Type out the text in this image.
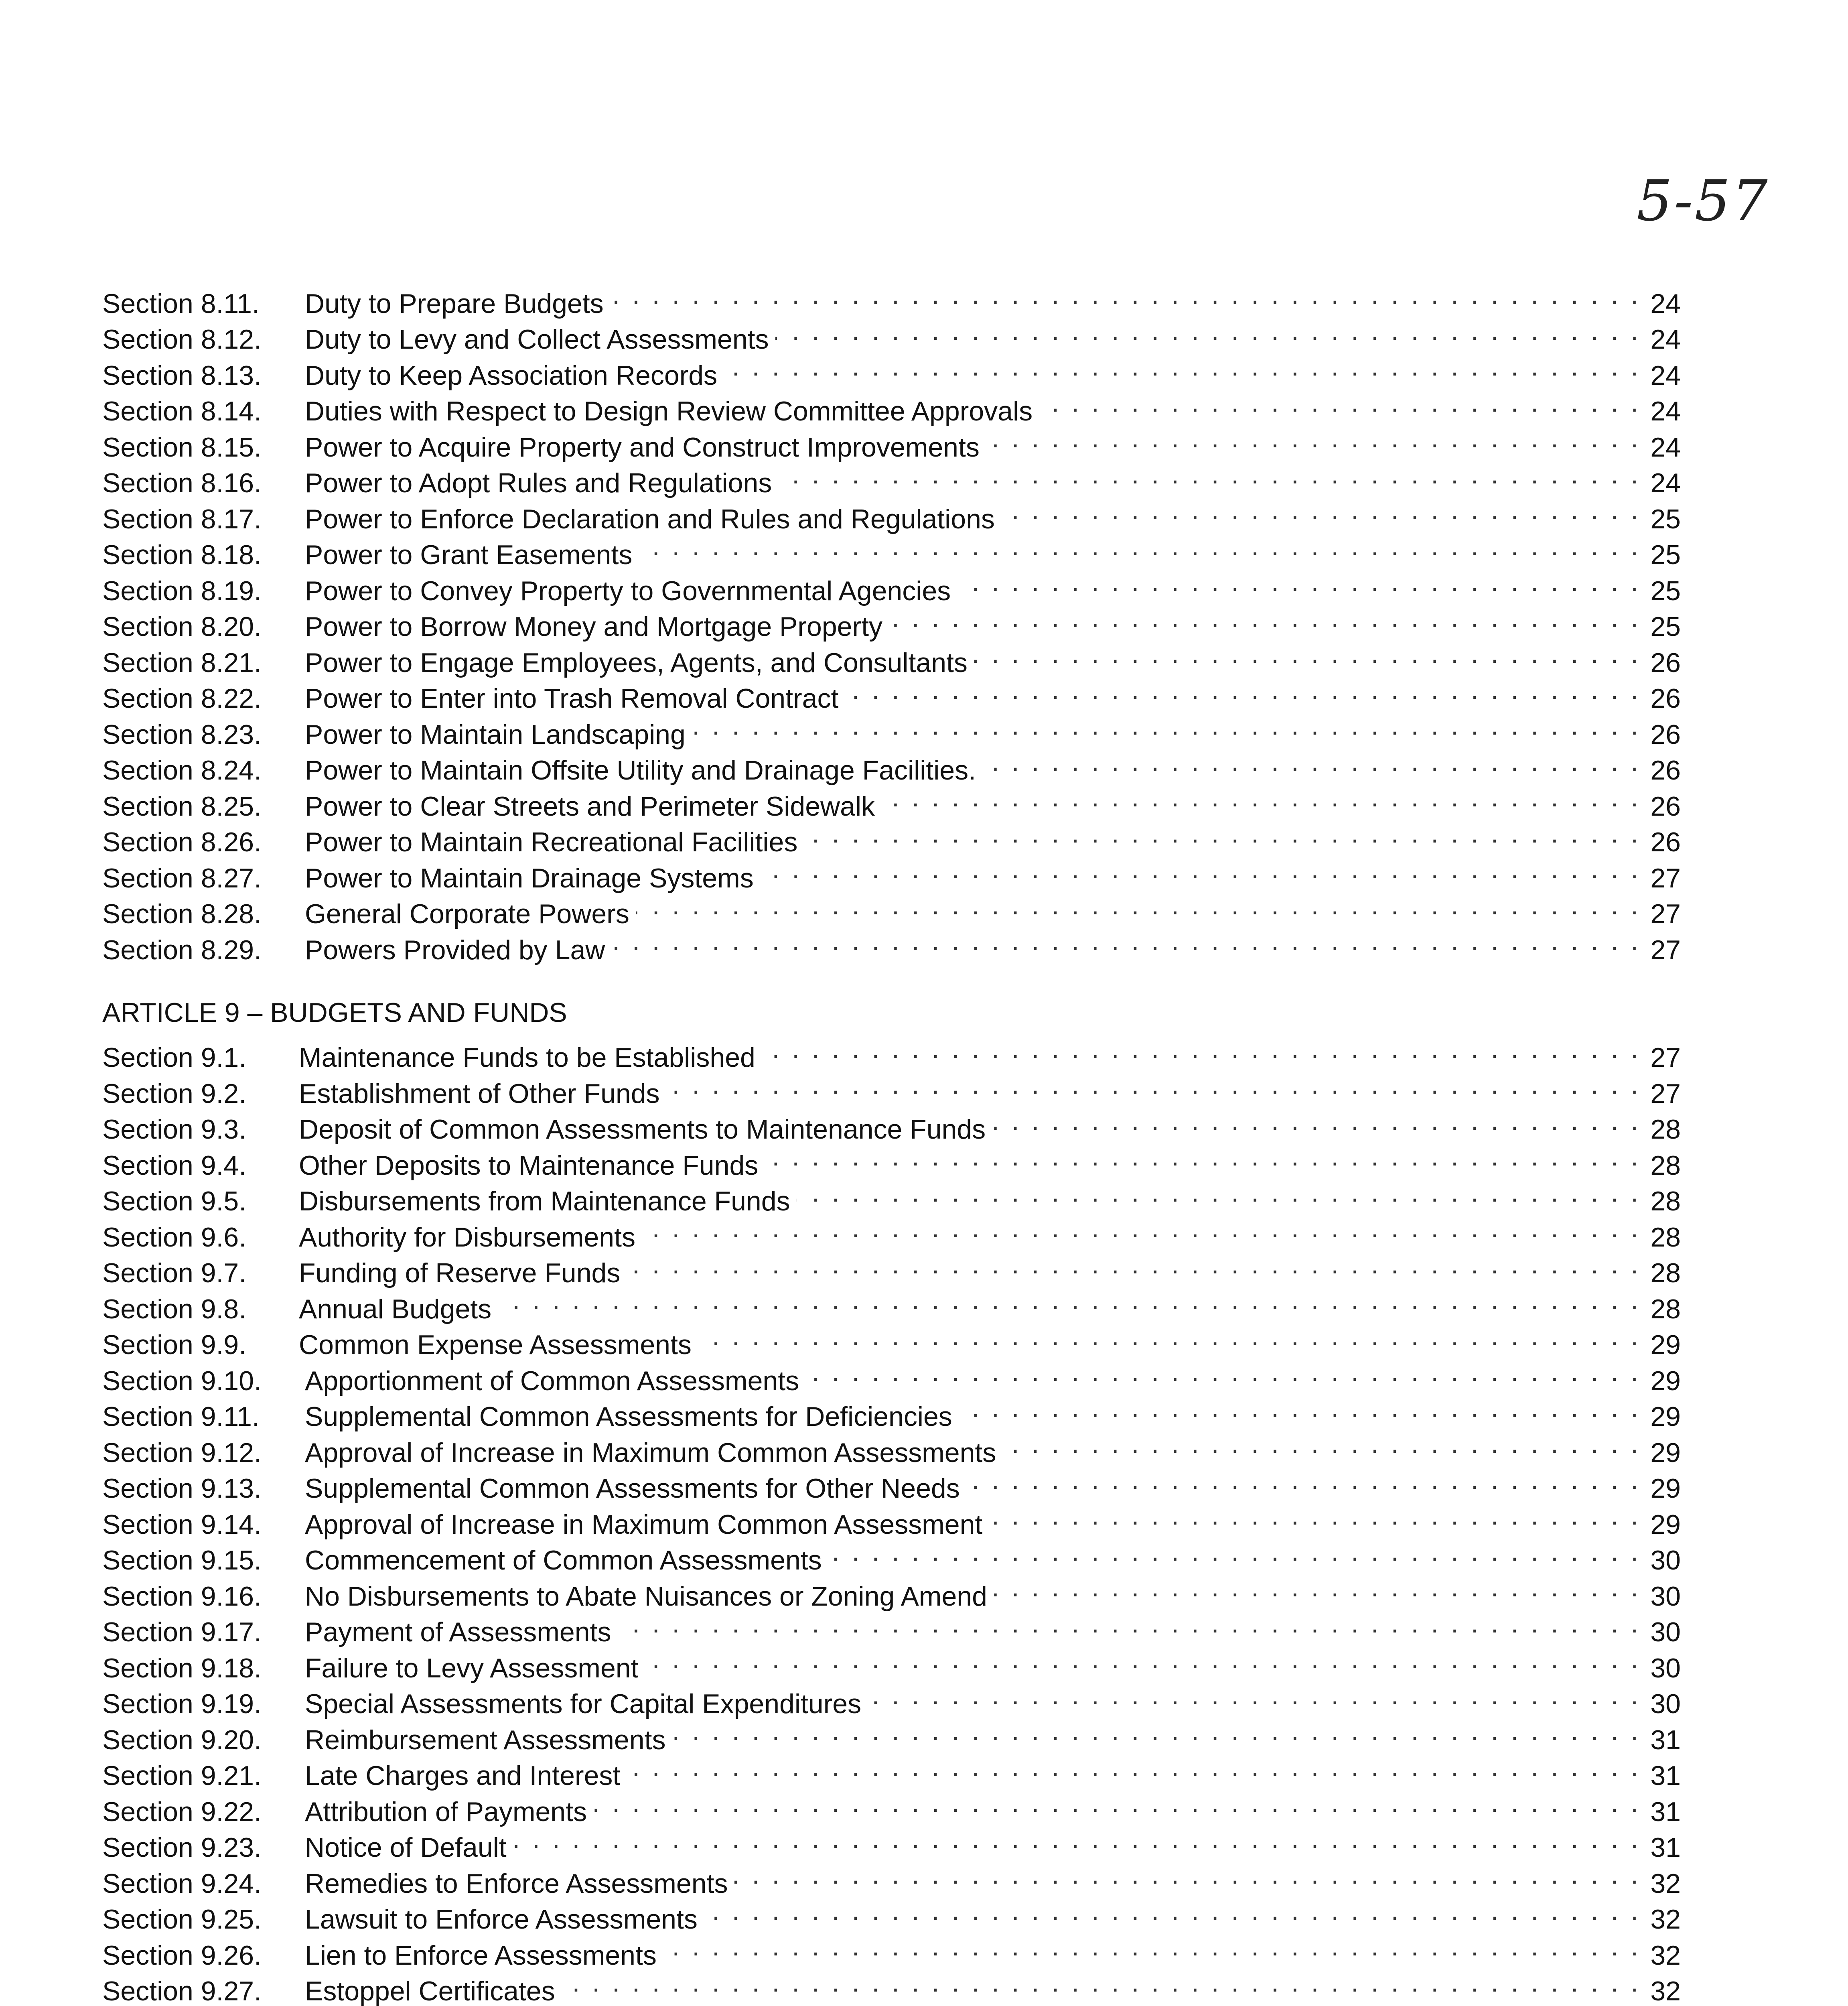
5-57
Section 8.11.	Duty to Prepare Budgets . . .	24
Section 8.12.	Duty to Levy and Collect Assessments . . .	24
Section 8.13.	Duty to Keep Association Records . . .	24
Section 8.14.	Duties with Respect to Design Review Committee Approvals . . .	24
Section 8.15.	Power to Acquire Property and Construct Improvements . . .	24
Section 8.16.	Power to Adopt Rules and Regulations . . .	24
Section 8.17.	Power to Enforce Declaration and Rules and Regulations . . .	25
Section 8.18.	Power to Grant Easements . . .	25
Section 8.19.	Power to Convey Property to Governmental Agencies . . .	25
Section 8.20.	Power to Borrow Money and Mortgage Property . . .	25
Section 8.21.	Power to Engage Employees, Agents, and Consultants . . .	26
Section 8.22.	Power to Enter into Trash Removal Contract . . .	26
Section 8.23.	Power to Maintain Landscaping . . .	26
Section 8.24.	Power to Maintain Offsite Utility and Drainage Facilities. . . .	26
Section 8.25.	Power to Clear Streets and Perimeter Sidewalk . . .	26
Section 8.26.	Power to Maintain Recreational Facilities . . .	26
Section 8.27.	Power to Maintain Drainage Systems . . .	27
Section 8.28.	General Corporate Powers . . .	27
Section 8.29.	Powers Provided by Law . . .	27
ARTICLE 9 – BUDGETS AND FUNDS
Section 9.1.	Maintenance Funds to be Established . . .	27
Section 9.2.	Establishment of Other Funds . . .	27
Section 9.3.	Deposit of Common Assessments to Maintenance Funds . . .	28
Section 9.4.	Other Deposits to Maintenance Funds . . .	28
Section 9.5.	Disbursements from Maintenance Funds . . .	28
Section 9.6.	Authority for Disbursements . . .	28
Section 9.7.	Funding of Reserve Funds . . .	28
Section 9.8.	Annual Budgets . . .	28
Section 9.9.	Common Expense Assessments . . .	29
Section 9.10.	Apportionment of Common Assessments . . .	29
Section 9.11.	Supplemental Common Assessments for Deficiencies . . .	29
Section 9.12.	Approval of Increase in Maximum Common Assessments . . .	29
Section 9.13.	Supplemental Common Assessments for Other Needs . . .	29
Section 9.14.	Approval of Increase in Maximum Common Assessment . . .	29
Section 9.15.	Commencement of Common Assessments . . .	30
Section 9.16.	No Disbursements to Abate Nuisances or Zoning Amend . . .	30
Section 9.17.	Payment of Assessments . . .	30
Section 9.18.	Failure to Levy Assessment . . .	30
Section 9.19.	Special Assessments for Capital Expenditures . . .	30
Section 9.20.	Reimbursement Assessments . . .	31
Section 9.21.	Late Charges and Interest . . .	31
Section 9.22.	Attribution of Payments . . .	31
Section 9.23.	Notice of Default . . .	31
Section 9.24.	Remedies to Enforce Assessments . . .	32
Section 9.25.	Lawsuit to Enforce Assessments . . .	32
Section 9.26.	Lien to Enforce Assessments . . .	32
Section 9.27.	Estoppel Certificates . . .	32
. . .
